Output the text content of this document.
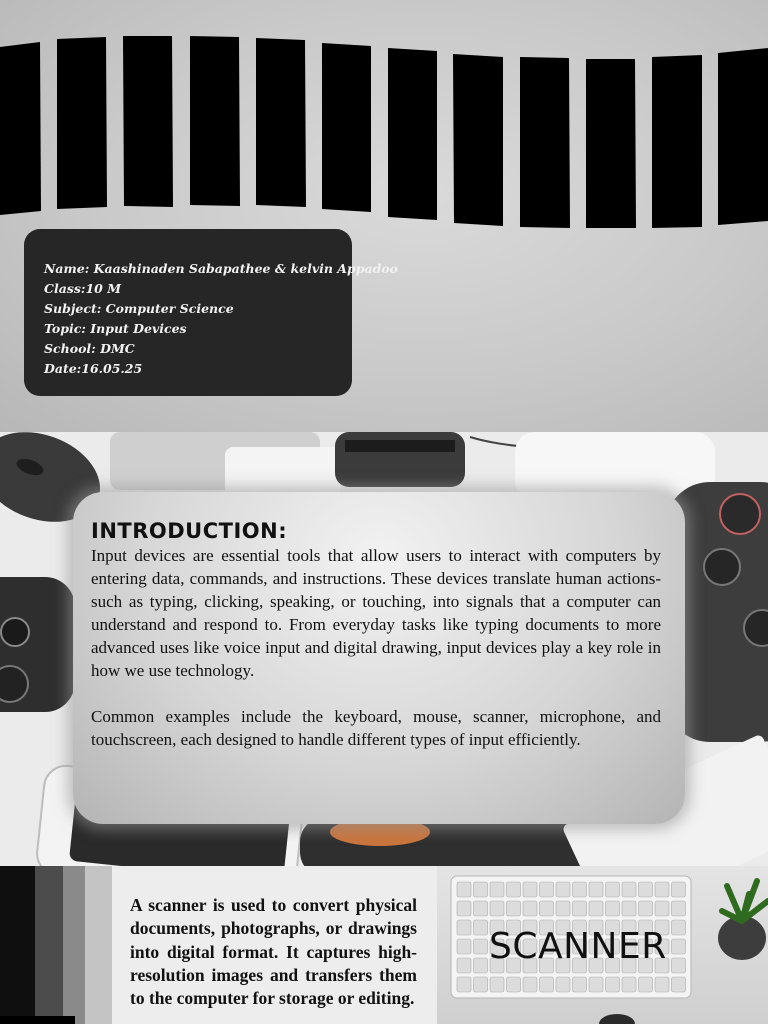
Name: Kaashinaden Sabapathee & kelvin Appadoo
Class:10 M
Subject: Computer Science
Topic: Input Devices
School: DMC
Date:16.05.25
INTRODUCTION:

Input devices are essential tools that allow users to interact with computers by entering data, commands, and instructions. These devices translate human actions- such as typing, clicking, speaking, or touching, into signals that a computer can understand and respond to. From everyday tasks like typing documents to more advanced uses like voice input and digital drawing, input devices play a key role in how we use technology.

Common examples include the keyboard, mouse, scanner, microphone, and touchscreen, each designed to handle different types of input efficiently.

A scanner is used to convert physical documents, photographs, or drawings into digital format. It captures high-resolution images and transfers them to the computer for storage or editing.

SCANNER
